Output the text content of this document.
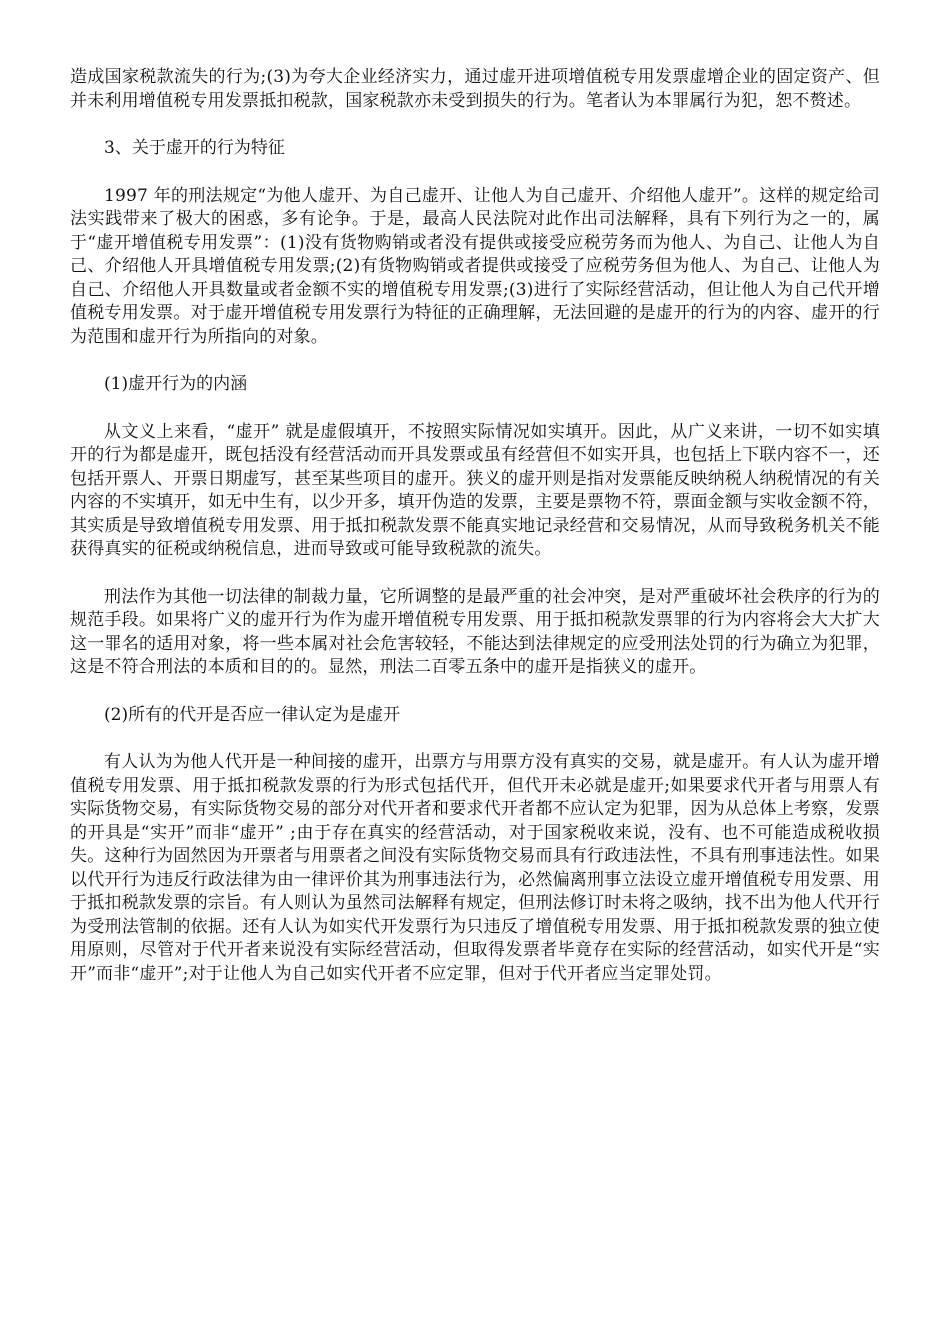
造成国家税款流失的行为;(3)为夸大企业经济实力，通过虚开进项增值税专用发票虚增企业的固定资产、但并未利用增值税专用发票抵扣税款，国家税款亦未受到损失的行为。笔者认为本罪属行为犯，恕不赘述。

3、关于虚开的行为特征

1997 年的刑法规定“为他人虚开、为自己虚开、让他人为自己虚开、介绍他人虚开”。这样的规定给司法实践带来了极大的困惑，多有论争。于是，最高人民法院对此作出司法解释，具有下列行为之一的，属于“虚开增值税专用发票”：(1)没有货物购销或者没有提供或接受应税劳务而为他人、为自己、让他人为自己、介绍他人开具增值税专用发票;(2)有货物购销或者提供或接受了应税劳务但为他人、为自己、让他人为自己、介绍他人开具数量或者金额不实的增值税专用发票;(3)进行了实际经营活动，但让他人为自己代开增值税专用发票。对于虚开增值税专用发票行为特征的正确理解，无法回避的是虚开的行为的内容、虚开的行为范围和虚开行为所指向的对象。

(1)虚开行为的内涵

从文义上来看，“虚开” 就是虚假填开，不按照实际情况如实填开。因此，从广义来讲，一切不如实填开的行为都是虚开，既包括没有经营活动而开具发票或虽有经营但不如实开具，也包括上下联内容不一，还包括开票人、开票日期虚写，甚至某些项目的虚开。狭义的虚开则是指对发票能反映纳税人纳税情况的有关内容的不实填开，如无中生有，以少开多，填开伪造的发票，主要是票物不符，票面金额与实收金额不符，其实质是导致增值税专用发票、用于抵扣税款发票不能真实地记录经营和交易情况，从而导致税务机关不能获得真实的征税或纳税信息，进而导致或可能导致税款的流失。

刑法作为其他一切法律的制裁力量，它所调整的是最严重的社会冲突，是对严重破坏社会秩序的行为的规范手段。如果将广义的虚开行为作为虚开增值税专用发票、用于抵扣税款发票罪的行为内容将会大大扩大这一罪名的适用对象，将一些本属对社会危害较轻，不能达到法律规定的应受刑法处罚的行为确立为犯罪，这是不符合刑法的本质和目的的。显然，刑法二百零五条中的虚开是指狭义的虚开。

(2)所有的代开是否应一律认定为是虚开

有人认为为他人代开是一种间接的虚开，出票方与用票方没有真实的交易，就是虚开。有人认为虚开增值税专用发票、用于抵扣税款发票的行为形式包括代开，但代开未必就是虚开;如果要求代开者与用票人有实际货物交易，有实际货物交易的部分对代开者和要求代开者都不应认定为犯罪，因为从总体上考察，发票的开具是“实开”而非“虚开” ;由于存在真实的经营活动，对于国家税收来说，没有、也不可能造成税收损失。这种行为固然因为开票者与用票者之间没有实际货物交易而具有行政违法性，不具有刑事违法性。如果以代开行为违反行政法律为由一律评价其为刑事违法行为，必然偏离刑事立法设立虚开增值税专用发票、用于抵扣税款发票的宗旨。有人则认为虽然司法解释有规定，但刑法修订时未将之吸纳，找不出为他人代开行为受刑法管制的依据。还有人认为如实代开发票行为只违反了增值税专用发票、用于抵扣税款发票的独立使用原则，尽管对于代开者来说没有实际经营活动，但取得发票者毕竟存在实际的经营活动，如实代开是“实开”而非“虚开”;对于让他人为自己如实代开者不应定罪，但对于代开者应当定罪处罚。
